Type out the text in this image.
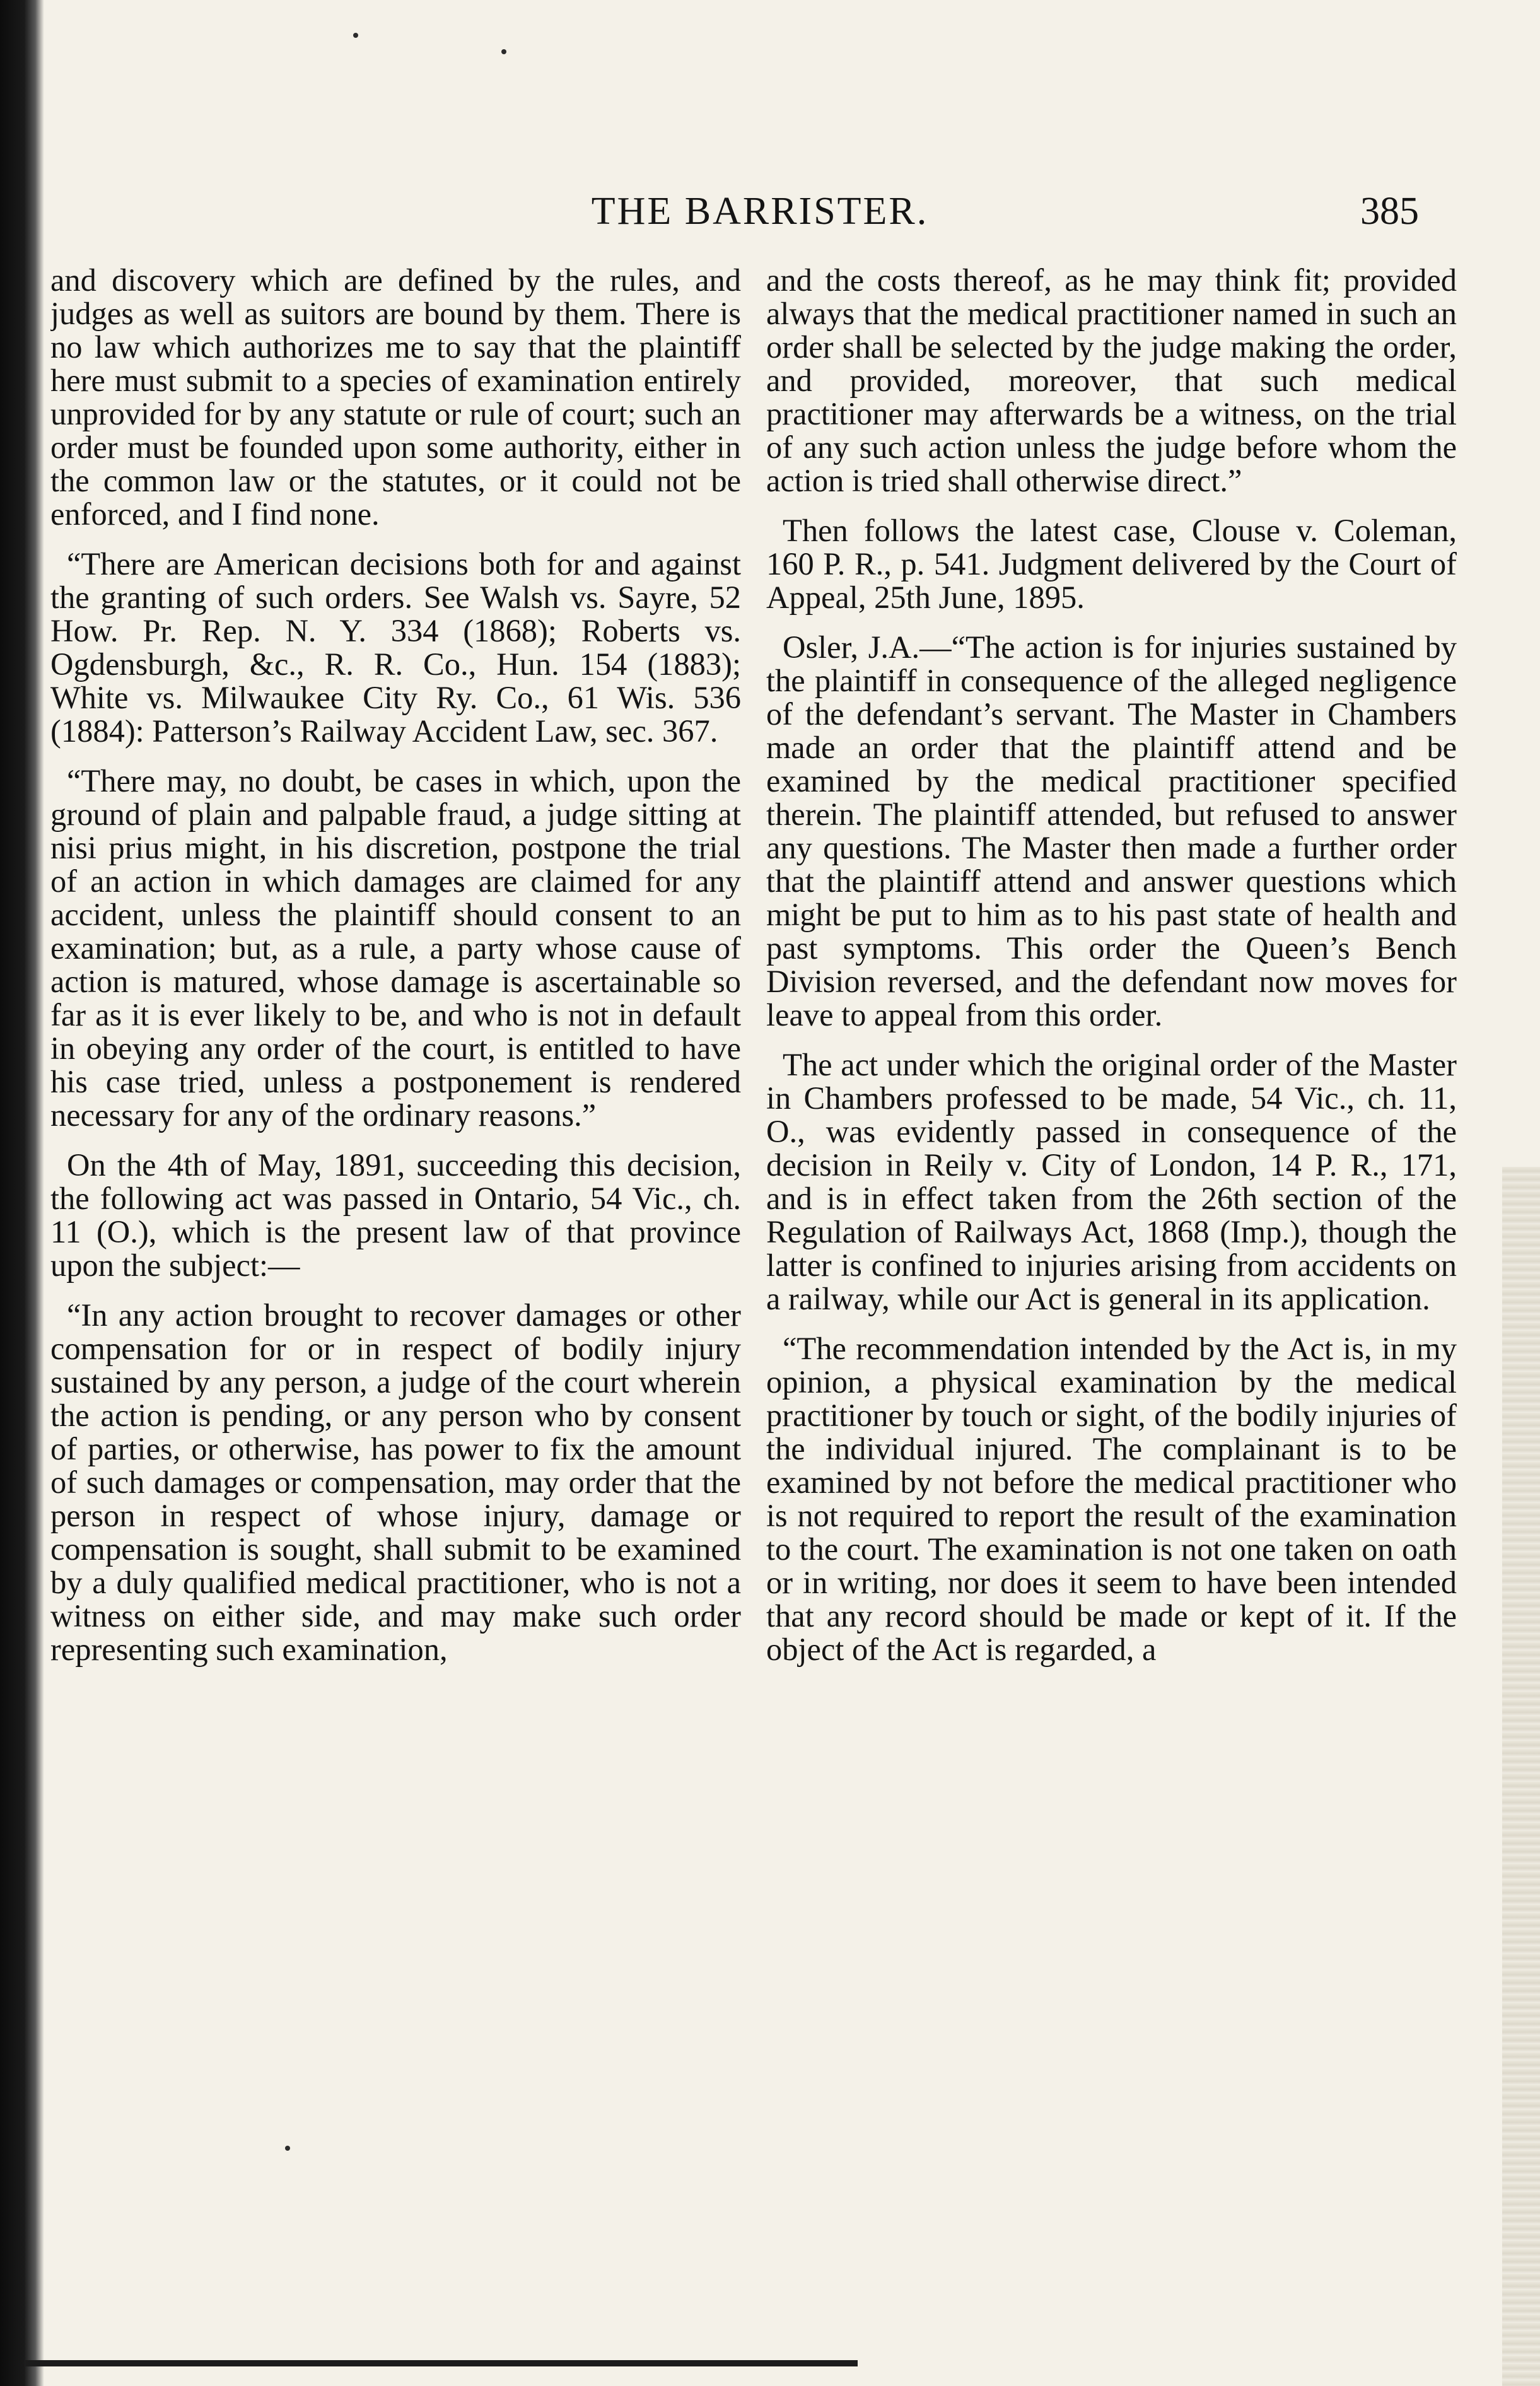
THE BARRISTER.	385

and discovery which are defined by the rules, and judges as well as suitors are bound by them. There is no law which authorizes me to say that the plaintiff here must submit to a species of examination entirely unprovided for by any statute or rule of court; such an order must be founded upon some authority, either in the common law or the statutes, or it could not be enforced, and I find none.

“There are American decisions both for and against the granting of such orders. See Walsh vs. Sayre, 52 How. Pr. Rep. N. Y. 334 (1868); Roberts vs. Ogdensburgh, &c., R. R. Co., Hun. 154 (1883); White vs. Milwaukee City Ry. Co., 61 Wis. 536 (1884): Patterson’s Railway Accident Law, sec. 367.

“There may, no doubt, be cases in which, upon the ground of plain and palpable fraud, a judge sitting at nisi prius might, in his discretion, postpone the trial of an action in which damages are claimed for any accident, unless the plaintiff should consent to an examination; but, as a rule, a party whose cause of action is matured, whose damage is ascertainable so far as it is ever likely to be, and who is not in default in obeying any order of the court, is entitled to have his case tried, unless a postponement is rendered necessary for any of the ordinary reasons.”

On the 4th of May, 1891, succeeding this decision, the following act was passed in Ontario, 54 Vic., ch. 11 (O.), which is the present law of that province upon the subject:—

“In any action brought to recover damages or other compensation for or in respect of bodily injury sustained by any person, a judge of the court wherein the action is pending, or any person who by consent of parties, or otherwise, has power to fix the amount of such damages or compensation, may order that the person in respect of whose injury, damage or compensation is sought, shall submit to be examined by a duly qualified medical practitioner, who is not a witness on either side, and may make such order representing such examination,

and the costs thereof, as he may think fit; provided always that the medical practitioner named in such an order shall be selected by the judge making the order, and provided, moreover, that such medical practitioner may afterwards be a witness, on the trial of any such action unless the judge before whom the action is tried shall otherwise direct.”

Then follows the latest case, Clouse v. Coleman, 160 P. R., p. 541. Judgment delivered by the Court of Appeal, 25th June, 1895.

Osler, J.A.—“The action is for injuries sustained by the plaintiff in consequence of the alleged negligence of the defendant’s servant. The Master in Chambers made an order that the plaintiff attend and be examined by the medical practitioner specified therein. The plaintiff attended, but refused to answer any questions. The Master then made a further order that the plaintiff attend and answer questions which might be put to him as to his past state of health and past symptoms. This order the Queen’s Bench Division reversed, and the defendant now moves for leave to appeal from this order.

The act under which the original order of the Master in Chambers professed to be made, 54 Vic., ch. 11, O., was evidently passed in consequence of the decision in Reily v. City of London, 14 P. R., 171, and is in effect taken from the 26th section of the Regulation of Railways Act, 1868 (Imp.), though the latter is confined to injuries arising from accidents on a railway, while our Act is general in its application.

“The recommendation intended by the Act is, in my opinion, a physical examination by the medical practitioner by touch or sight, of the bodily injuries of the individual injured. The complainant is to be examined by not before the medical practitioner who is not required to report the result of the examination to the court. The examination is not one taken on oath or in writing, nor does it seem to have been intended that any record should be made or kept of it. If the object of the Act is regarded, a
